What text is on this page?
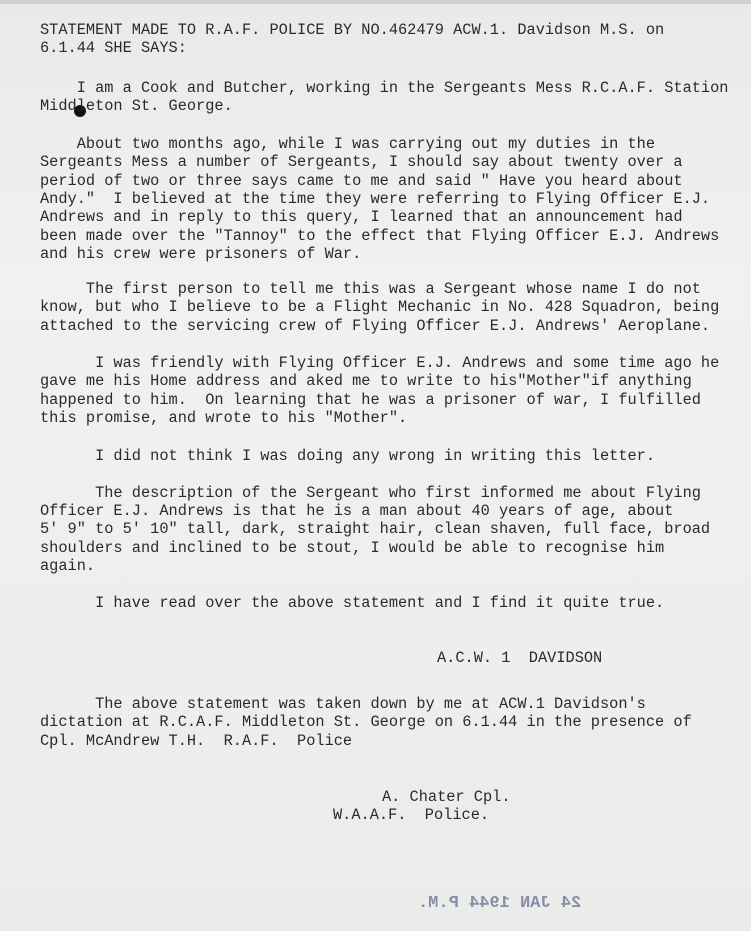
STATEMENT MADE TO R.A.F. POLICE BY NO.462479 ACW.1. Davidson M.S. on
6.1.44 SHE SAYS:
I am a Cook and Butcher, working in the Sergeants Mess R.C.A.F. Station
Middleton St. George.
About two months ago, while I was carrying out my duties in the
Sergeants Mess a number of Sergeants, I should say about twenty over a
period of two or three says came to me and said " Have you heard about
Andy."  I believed at the time they were referring to Flying Officer E.J.
Andrews and in reply to this query, I learned that an announcement had
been made over the "Tannoy" to the effect that Flying Officer E.J. Andrews
and his crew were prisoners of War.
The first person to tell me this was a Sergeant whose name I do not
know, but who I believe to be a Flight Mechanic in No. 428 Squadron, being
attached to the servicing crew of Flying Officer E.J. Andrews' Aeroplane.
I was friendly with Flying Officer E.J. Andrews and some time ago he
gave me his Home address and aked me to write to his"Mother"if anything
happened to him.  On learning that he was a prisoner of war, I fulfilled
this promise, and wrote to his "Mother".
I did not think I was doing any wrong in writing this letter.
The description of the Sergeant who first informed me about Flying
Officer E.J. Andrews is that he is a man about 40 years of age, about
5' 9" to 5' 10" tall, dark, straight hair, clean shaven, full face, broad
shoulders and inclined to be stout, I would be able to recognise him
again.
I have read over the above statement and I find it quite true.
A.C.W. 1  DAVIDSON
The above statement was taken down by me at ACW.1 Davidson's
dictation at R.C.A.F. Middleton St. George on 6.1.44 in the presence of
Cpl. McAndrew T.H.  R.A.F.  Police
A. Chater Cpl.
W.A.A.F.  Police.
24 JAN 1944 P.M.
